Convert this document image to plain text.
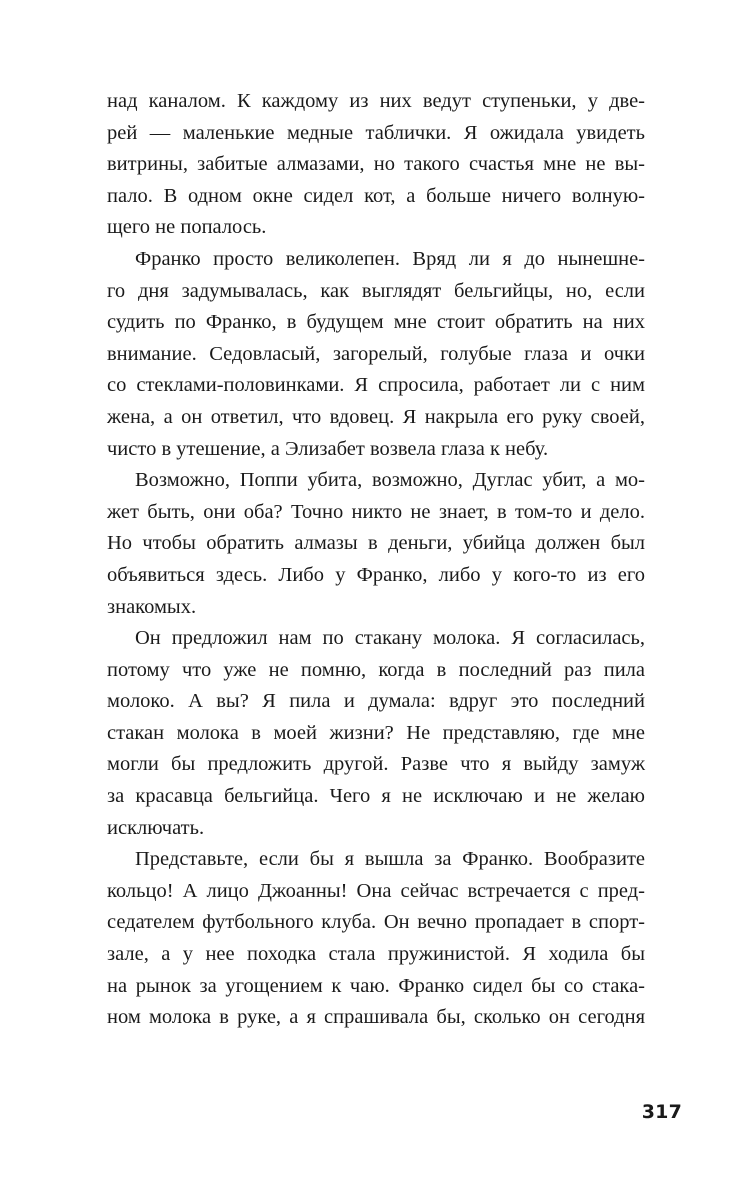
над каналом. К каждому из них ведут ступеньки, у две-
рей — маленькие медные таблички. Я ожидала увидеть
витрины, забитые алмазами, но такого счастья мне не вы-
пало. В одном окне сидел кот, а больше ничего волную-
щего не попалось.
Франко просто великолепен. Вряд ли я до нынешне-
го дня задумывалась, как выглядят бельгийцы, но, если
судить по Франко, в будущем мне стоит обратить на них
внимание. Седовласый, загорелый, голубые глаза и очки
со стеклами-половинками. Я спросила, работает ли с ним
жена, а он ответил, что вдовец. Я накрыла его руку своей,
чисто в утешение, а Элизабет возвела глаза к небу.
Возможно, Поппи убита, возможно, Дуглас убит, а мо-
жет быть, они оба? Точно никто не знает, в том-то и дело.
Но чтобы обратить алмазы в деньги, убийца должен был
объявиться здесь. Либо у Франко, либо у кого-то из его
знакомых.
Он предложил нам по стакану молока. Я согласилась,
потому что уже не помню, когда в последний раз пила
молоко. А вы? Я пила и думала: вдруг это последний
стакан молока в моей жизни? Не представляю, где мне
могли бы предложить другой. Разве что я выйду замуж
за красавца бельгийца. Чего я не исключаю и не желаю
исключать.
Представьте, если бы я вышла за Франко. Вообразите
кольцо! А лицо Джоанны! Она сейчас встречается с пред-
седателем футбольного клуба. Он вечно пропадает в спорт-
зале, а у нее походка стала пружинистой. Я ходила бы
на рынок за угощением к чаю. Франко сидел бы со стака-
ном молока в руке, а я спрашивала бы, сколько он сегодня
317
